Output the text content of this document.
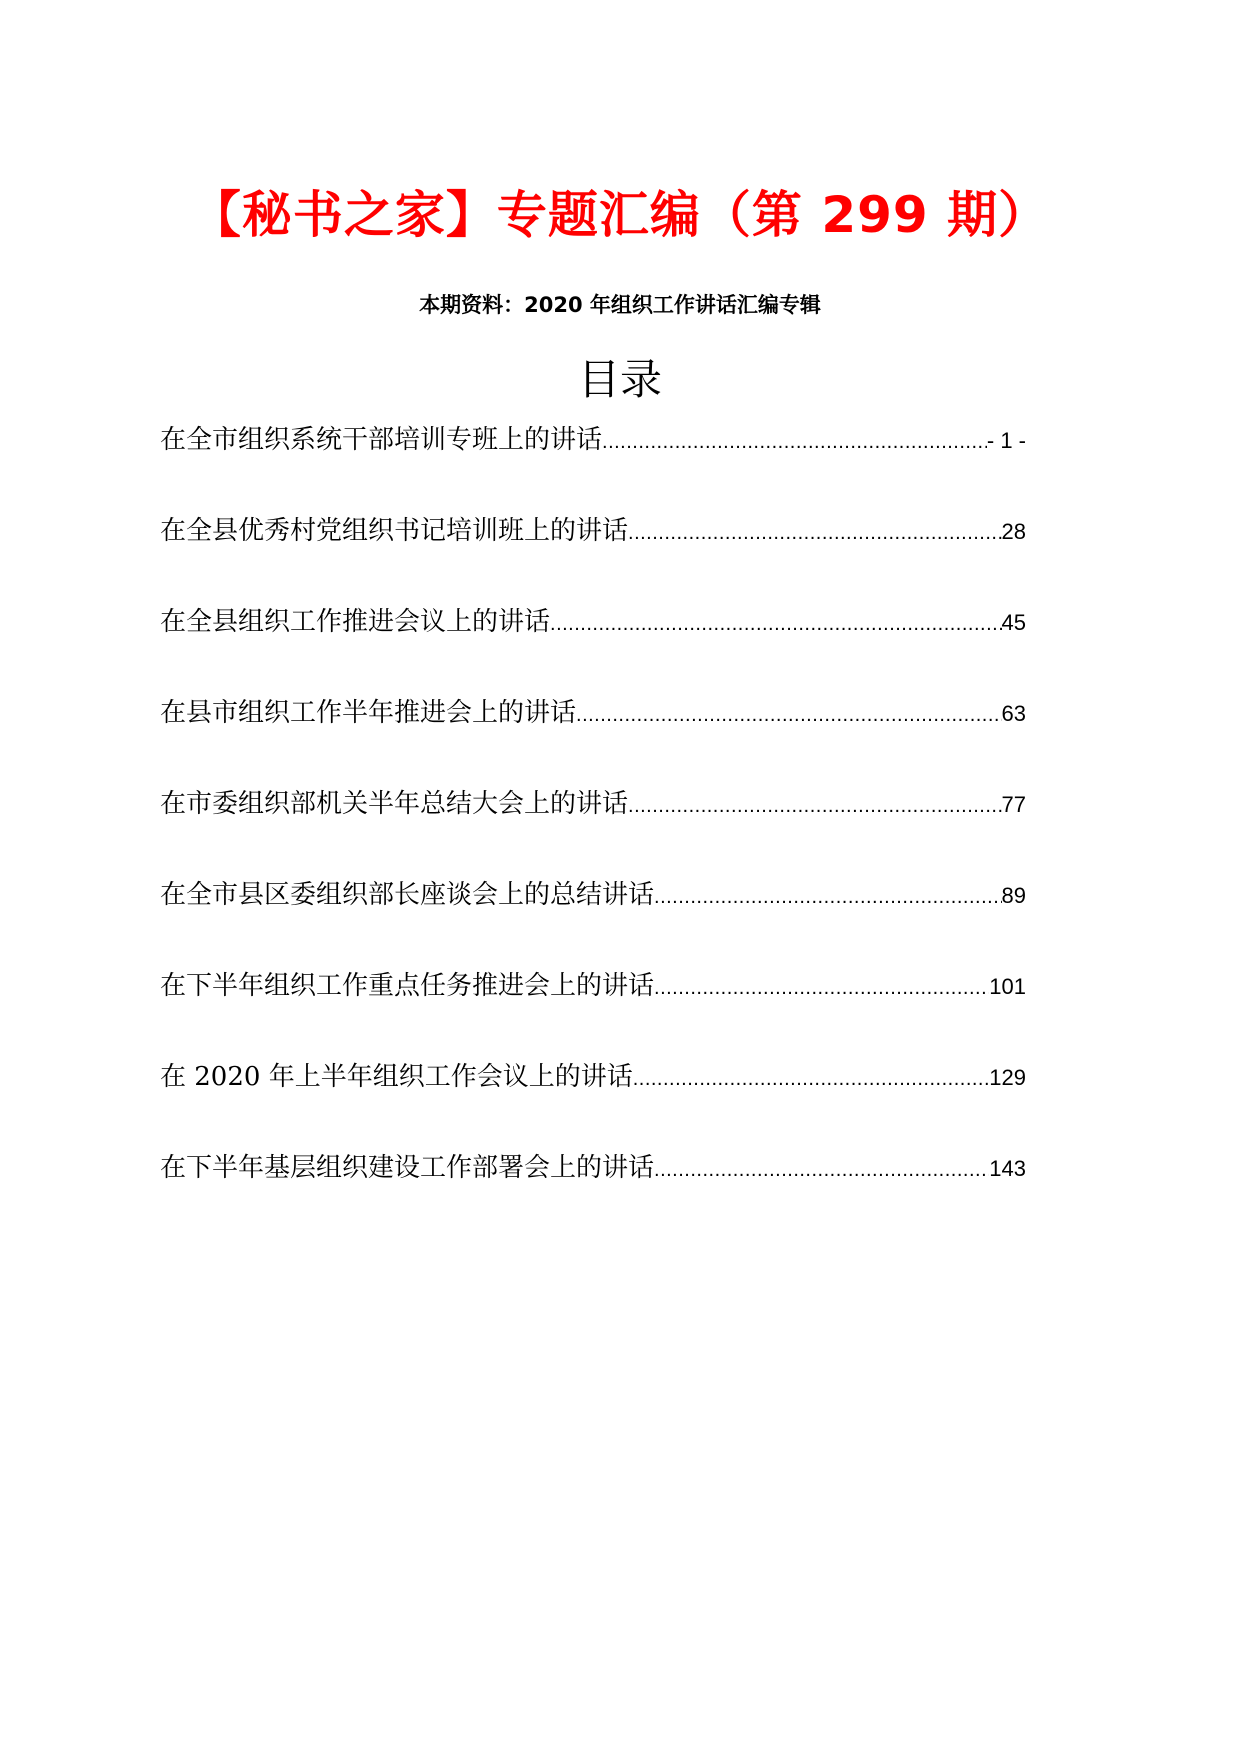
【秘书之家】专题汇编（第 299 期）
本期资料：2020 年组织工作讲话汇编专辑
目录
在全市组织系统干部培训专班上的讲话 .....	- 1 -
在全县优秀村党组织书记培训班上的讲话 .....	28
在全县组织工作推进会议上的讲话 .....	45
在县市组织工作半年推进会上的讲话 .....	63
在市委组织部机关半年总结大会上的讲话 .....	77
在全市县区委组织部长座谈会上的总结讲话 .....	89
在下半年组织工作重点任务推进会上的讲话 .....	101
在 2020 年上半年组织工作会议上的讲话 .....	129
在下半年基层组织建设工作部署会上的讲话 .....	143
